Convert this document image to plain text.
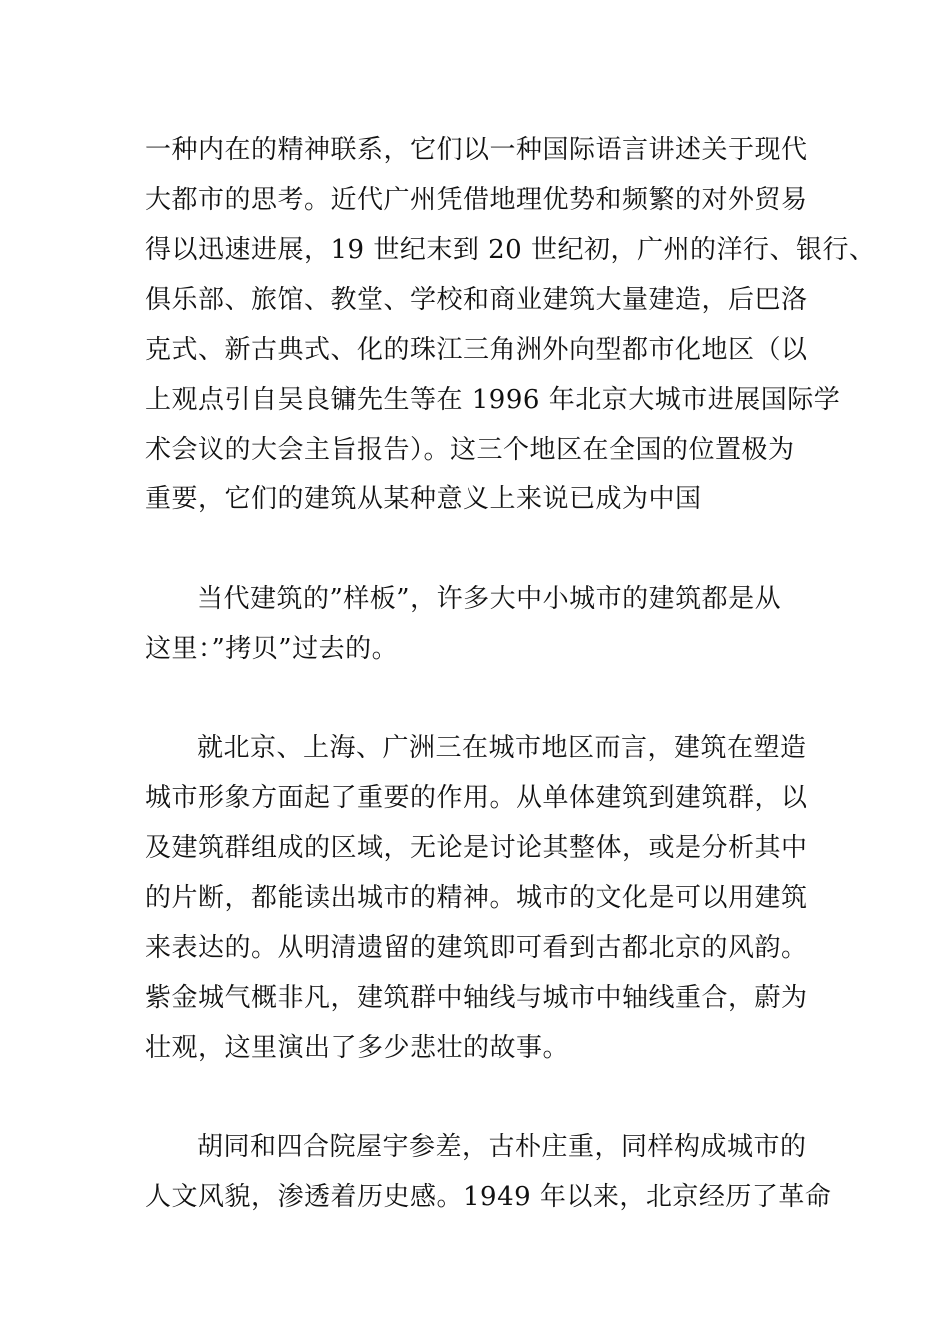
一种内在的精神联系，它们以一种国际语言讲述关于现代

大都市的思考。近代广州凭借地理优势和频繁的对外贸易

得以迅速进展，19 世纪末到 20 世纪初，广州的洋行、银行、

俱乐部、旅馆、教堂、学校和商业建筑大量建造，后巴洛

克式、新古典式、化的珠江三角洲外向型都市化地区（以

上观点引自吴良镛先生等在 1996 年北京大城市进展国际学

术会议的大会主旨报告）。这三个地区在全国的位置极为

重要，它们的建筑从某种意义上来说已成为中国

当代建筑的”样板”，许多大中小城市的建筑都是从

这里：”拷贝”过去的。

就北京、上海、广洲三在城市地区而言，建筑在塑造

城市形象方面起了重要的作用。从单体建筑到建筑群，以

及建筑群组成的区域，无论是讨论其整体，或是分析其中

的片断，都能读出城市的精神。城市的文化是可以用建筑

来表达的。从明清遗留的建筑即可看到古都北京的风韵。

紫金城气概非凡，建筑群中轴线与城市中轴线重合，蔚为

壮观，这里演出了多少悲壮的故事。

胡同和四合院屋宇参差，古朴庄重，同样构成城市的

人文风貌，渗透着历史感。1949 年以来，北京经历了革命
